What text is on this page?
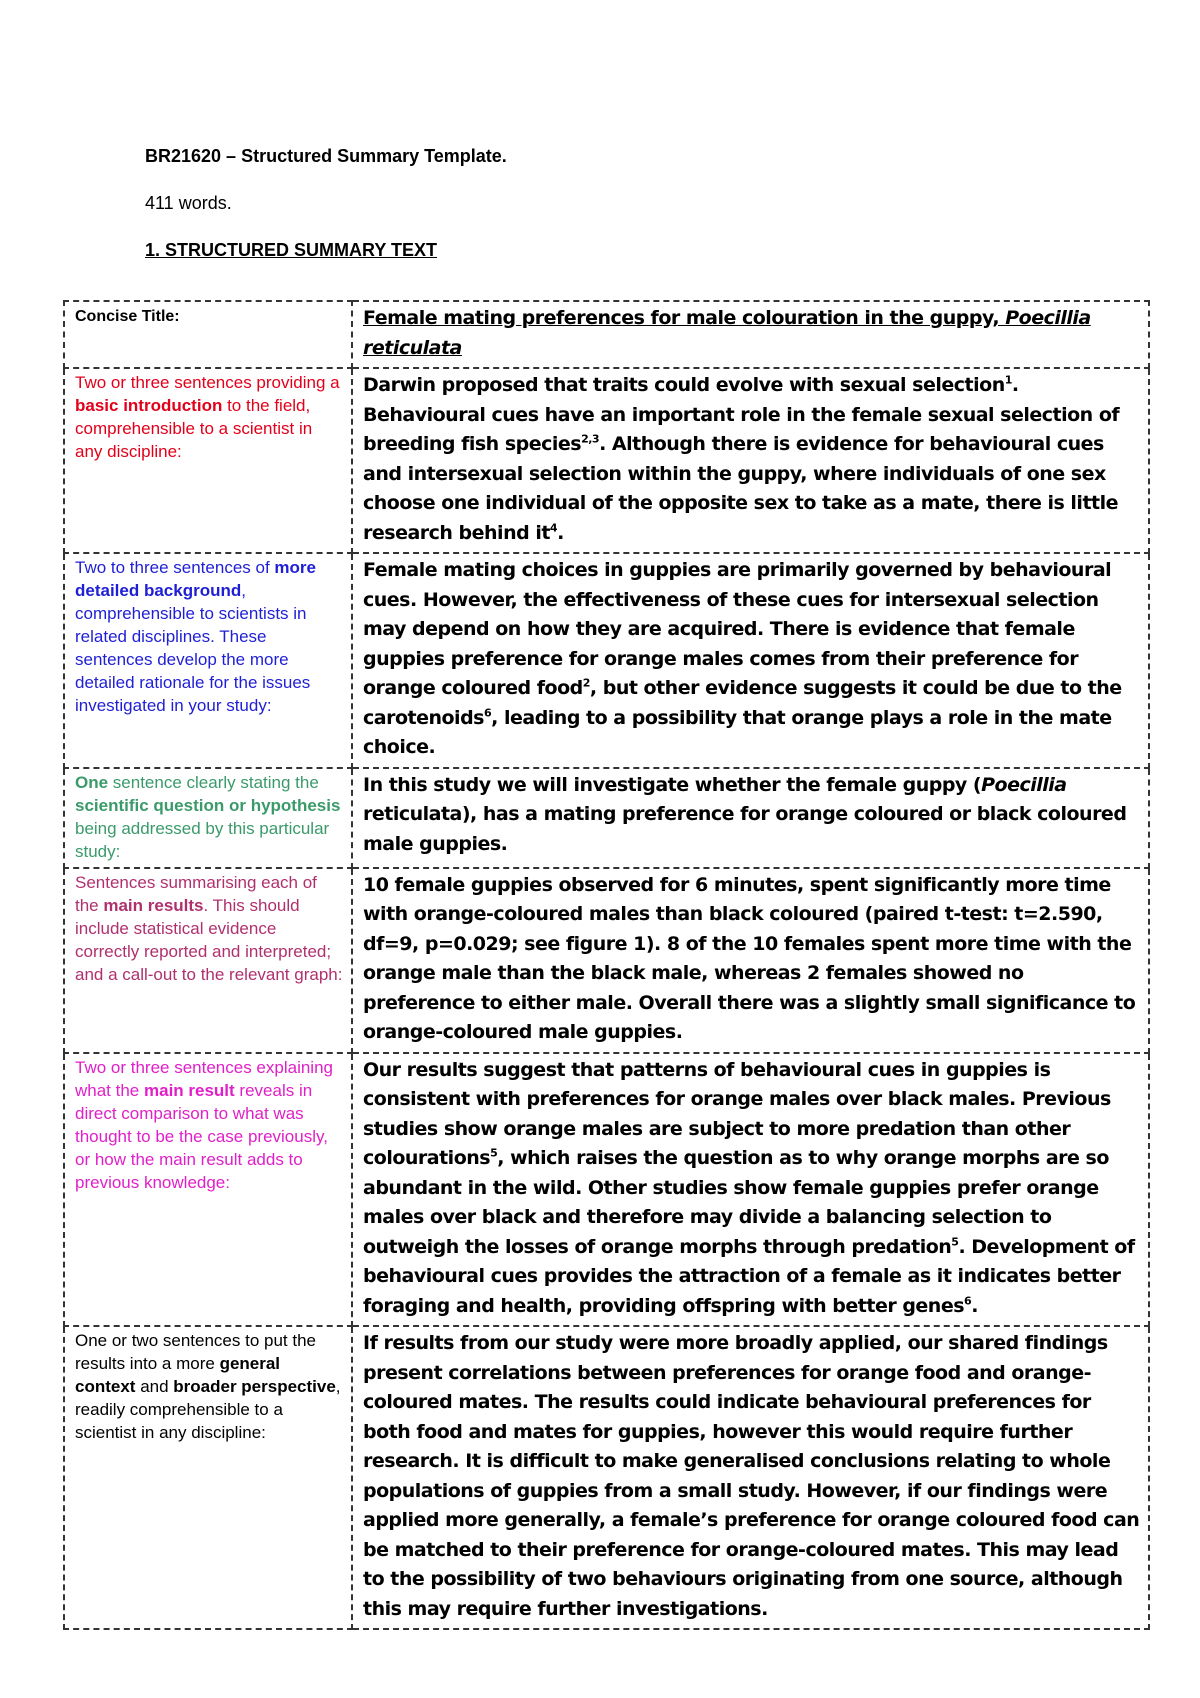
BR21620 – Structured Summary Template.

411 words.
1. STRUCTURED SUMMARY TEXT
Concise Title:	Female mating preferences for male colouration in the guppy, Poecillia reticulata
Two or three sentences providing a basic introduction to the field, comprehensible to a scientist in any discipline:	Darwin proposed that traits could evolve with sexual selection$^1$. Behavioural cues have an important role in the female sexual selection of breeding fish species$^{2,3}$. Although there is evidence for behavioural cues and intersexual selection within the guppy, where individuals of one sex choose one individual of the opposite sex to take as a mate, there is little research behind $it^4$.
Two to three sentences of more detailed background, comprehensible to scientists in related disciplines. These sentences develop the more detailed rationale for the issues investigated in your study:	Female mating choices in guppies are primarily governed by behavioural cues. However, the effectiveness of these cues for intersexual selection may depend on how they are acquired. There is evidence that female guppies preference for orange males comes from their preference for orange coloured food$^2$, but other evidence suggests it could be due to the carotenoids$^6$, leading to a possibility that orange plays a role in the mate choice.
One sentence clearly stating the scientific question or hypothesis being addressed by this particular study:	In this study we will investigate whether the female guppy (Poecillia reticulata), has a mating preference for orange coloured or black coloured male guppies.
Sentences summarising each of the main results. This should include statistical evidence correctly reported and interpreted; and a call-out to the relevant graph:	10 female guppies observed for 6 minutes, spent significantly more time with orange-coloured males than black coloured (paired t-test: t=2.590, df=9, p=0.029; see figure 1). 8 of the 10 females spent more time with the orange male than the black male, whereas 2 females showed no preference to either male. Overall there was a slightly small significance to orange-coloured male guppies.
Two or three sentences explaining what the main result reveals in direct comparison to what was thought to be the case previously, or how the main result adds to previous knowledge:	Our results suggest that patterns of behavioural cues in guppies is consistent with preferences for orange males over black males. Previous studies show orange males are subject to more predation than other colourations$^5$, which raises the question as to why orange morphs are so abundant in the wild. Other studies show female guppies prefer orange males over black and therefore may divide a balancing selection to outweigh the losses of orange morphs through predation$^5$. Development of behavioural cues provides the attraction of a female as it indicates better foraging and health, providing offspring with better genes$^6$.
One or two sentences to put the results into a more general context and broader perspective, readily comprehensible to a scientist in any discipline:	If results from our study were more broadly applied, our shared findings present correlations between preferences for orange food and orange-coloured mates. The results could indicate behavioural preferences for both food and mates for guppies, however this would require further research. It is difficult to make generalised conclusions relating to whole populations of guppies from a small study. However, if our findings were applied more generally, a female’s preference for orange coloured food can be matched to their preference for orange-coloured mates. This may lead to the possibility of two behaviours originating from one source, although this may require further investigations.
